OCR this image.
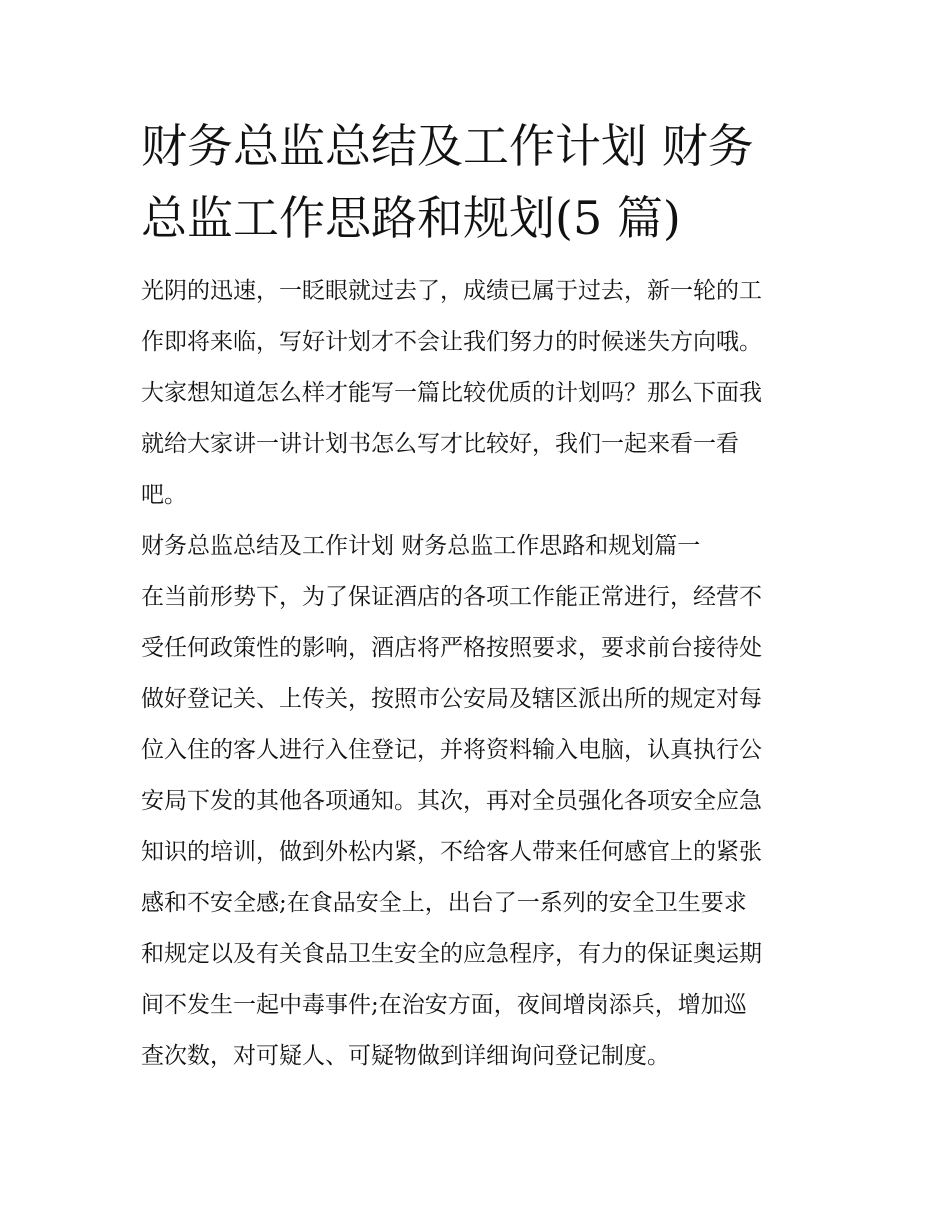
财务总监总结及工作计划 财务
总监工作思路和规划(5 篇)
光阴的迅速，一眨眼就过去了，成绩已属于过去，新一轮的工
作即将来临，写好计划才不会让我们努力的时候迷失方向哦。
大家想知道怎么样才能写一篇比较优质的计划吗？那么下面我
就给大家讲一讲计划书怎么写才比较好，我们一起来看一看
吧。
财务总监总结及工作计划 财务总监工作思路和规划篇一
在当前形势下，为了保证酒店的各项工作能正常进行，经营不
受任何政策性的影响，酒店将严格按照要求，要求前台接待处
做好登记关、上传关，按照市公安局及辖区派出所的规定对每
位入住的客人进行入住登记，并将资料输入电脑，认真执行公
安局下发的其他各项通知。其次，再对全员强化各项安全应急
知识的培训，做到外松内紧，不给客人带来任何感官上的紧张
感和不安全感;在食品安全上，出台了一系列的安全卫生要求
和规定以及有关食品卫生安全的应急程序，有力的保证奥运期
间不发生一起中毒事件;在治安方面，夜间增岗添兵，增加巡
查次数，对可疑人、可疑物做到详细询问登记制度。
